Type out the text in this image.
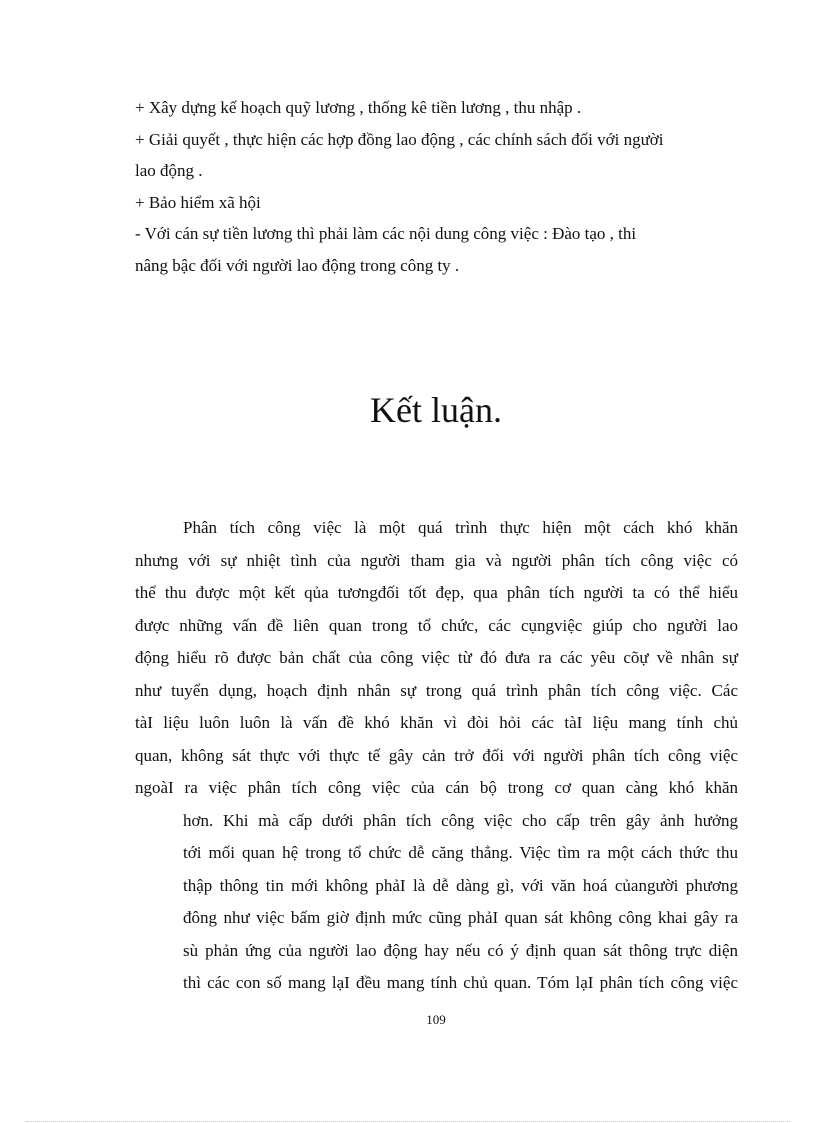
+ Xây dựng kế hoạch quỹ lương , thống kê tiền lương , thu nhập .

+ Giải quyết , thực hiện các hợp đồng lao động , các chính sách đối với người

lao động .

+ Bảo hiểm xã hội

- Với cán sự tiền lương thì phải làm các nội dung công việc : Đào tạo , thi

nâng bậc đối với người lao động trong công ty .

Kết luận.
Phân tích công việc là một quá trình thực hiện một cách khó khăn
nhưng với sự nhiệt tình của người tham gia và người phân tích công việc có
thể thu được một kết qủa tươngđối tốt đẹp, qua phân tích người ta có thể hiểu
được những vấn đề liên quan trong tổ chức, các cụngviệc giúp cho người lao
động hiểu rõ được bản chất của công việc từ đó đưa ra các yêu cõự về nhân sự
như tuyển dụng, hoạch định nhân sự trong quá trình phân tích công việc. Các
tàI liệu luôn luôn là vấn đề khó khăn vì đòi hỏi các tàI liệu mang tính chủ
quan, không sát thực với thực tế gây cản trở đối với người phân tích công việc
ngoàI ra việc phân tích công việc của cán bộ trong cơ quan càng khó khăn
hơn. Khi mà cấp dưới phân tích công việc cho cấp trên gây ảnh hưởng
tới mối quan hệ trong tổ chức dễ căng thẳng. Việc tìm ra một cách thức thu
thập thông tin mới không phảI là dễ dàng gì, với văn hoá củangười phương
đông như việc bấm giờ định mức cũng phảI quan sát không công khai gây ra
sù phản ứng của người lao động hay nếu có ý định quan sát thông trực diện
thì các con số mang lạI đều mang tính chủ quan. Tóm lạI phân tích công việc
109
